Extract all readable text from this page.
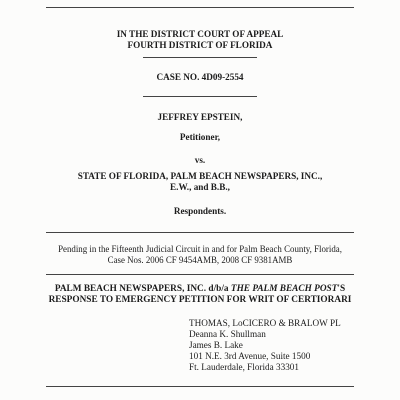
IN THE DISTRICT COURT OF APPEAL
FOURTH DISTRICT OF FLORIDA
CASE NO. 4D09-2554
JEFFREY EPSTEIN,
Petitioner,
vs.
STATE OF FLORIDA, PALM BEACH NEWSPAPERS, INC.,
E.W., and B.B.,
Respondents.
Pending in the Fifteenth Judicial Circuit in and for Palm Beach County, Florida,
Case Nos. 2006 CF 9454AMB, 2008 CF 9381AMB
PALM BEACH NEWSPAPERS, INC. d/b/a THE PALM BEACH POST'S
RESPONSE TO EMERGENCY PETITION FOR WRIT OF CERTIORARI
THOMAS, LoCICERO & BRALOW PL
Deanna K. Shullman
James B. Lake
101 N.E. 3rd Avenue, Suite 1500
Ft. Lauderdale, Florida 33301
